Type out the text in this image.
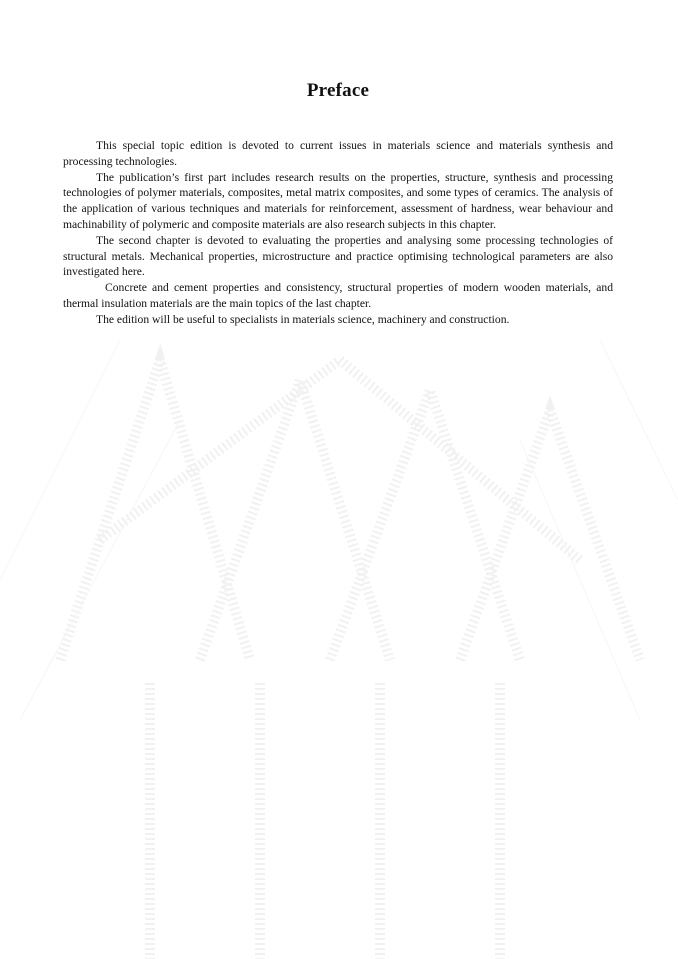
Preface

This special topic edition is devoted to current issues in materials science and materials synthesis and processing technologies.

The publication’s first part includes research results on the properties, structure, synthesis and processing technologies of polymer materials, composites, metal matrix composites, and some types of ceramics. The analysis of the application of various techniques and materials for reinforcement, assessment of hardness, wear behaviour and machinability of polymeric and composite materials are also research subjects in this chapter.

The second chapter is devoted to evaluating the properties and analysing some processing technologies of structural metals. Mechanical properties, microstructure and practice optimising technological parameters are also investigated here.

Concrete and cement properties and consistency, structural properties of modern wooden materials, and thermal insulation materials are the main topics of the last chapter.

The edition will be useful to specialists in materials science, machinery and construction.
